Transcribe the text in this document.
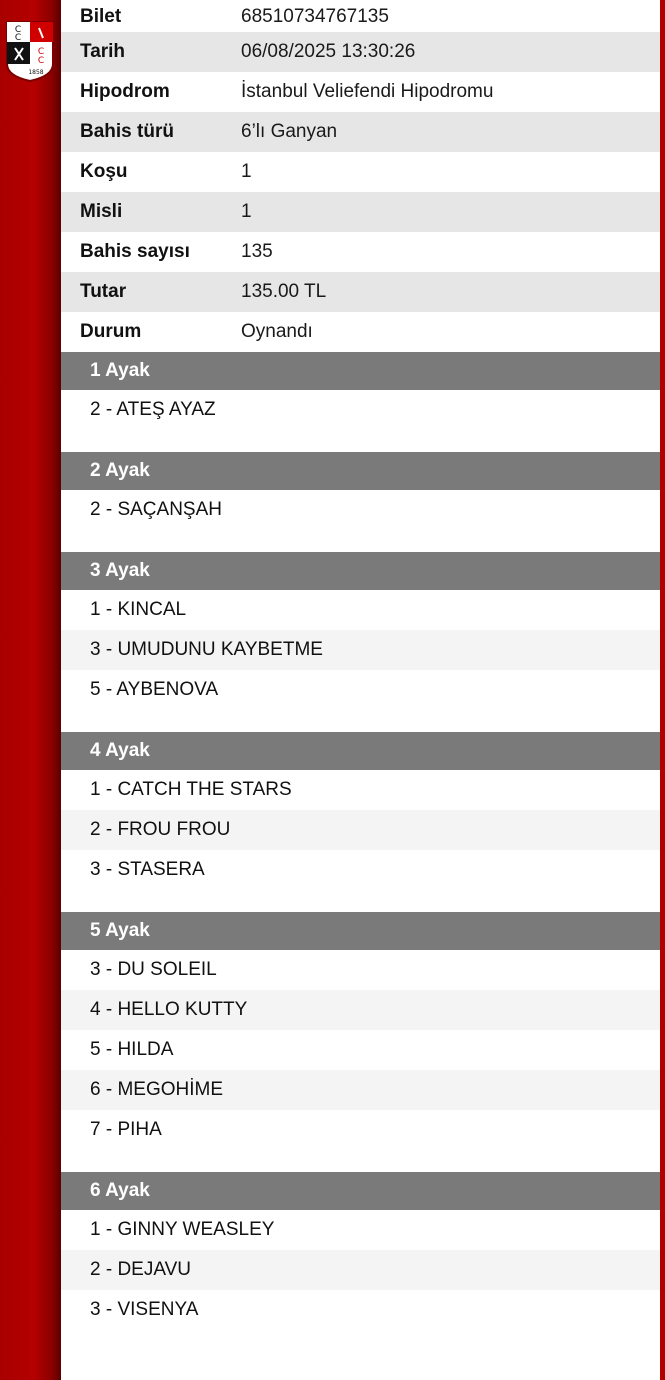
C
C
C
C
1858
Bilet	68510734767135
Tarih	06/08/2025 13:30:26
Hipodrom	İstanbul Veliefendi Hipodromu
Bahis türü	6’lı Ganyan
Koşu	1
Misli	1
Bahis sayısı	135
Tutar	135.00 TL
Durum	Oynandı
1 Ayak
2 - ATEŞ AYAZ
2 Ayak
2 - SAÇANŞAH
3 Ayak
1 - KINCAL
3 - UMUDUNU KAYBETME
5 - AYBENOVA
4 Ayak
1 - CATCH THE STARS
2 - FROU FROU
3 - STASERA
5 Ayak
3 - DU SOLEIL
4 - HELLO KUTTY
5 - HILDA
6 - MEGOHİME
7 - PIHA
6 Ayak
1 - GINNY WEASLEY
2 - DEJAVU
3 - VISENYA
